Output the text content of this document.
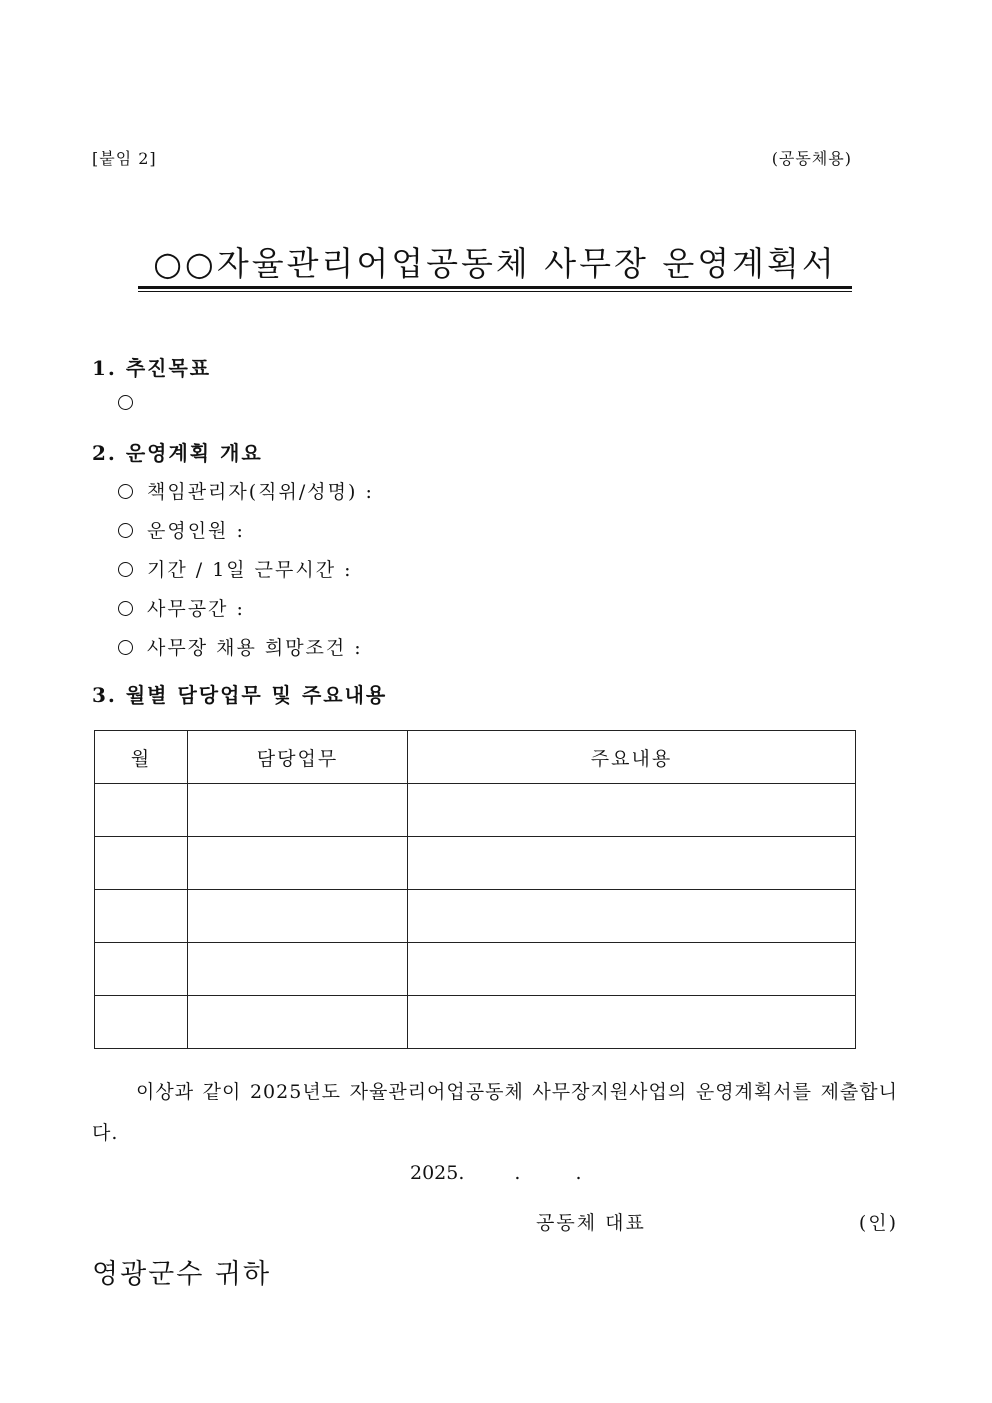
[붙임 2]	(공동체용)
○○자율관리어업공동체 사무장 운영계획서
1. 추진목표
2. 운영계획 개요
책임관리자(직위/성명) :
운영인원 :
기간 / 1일 근무시간 :
사무공간 :
사무장 채용 희망조건 :
3. 월별 담당업무 및 주요내용
월	담당업무	주요내용

이상과 같이 2025년도 자율관리어업공동체 사무장지원사업의 운영계획서를 제출합니다.
2025.	.	.
공동체 대표	(인)
영광군수 귀하
